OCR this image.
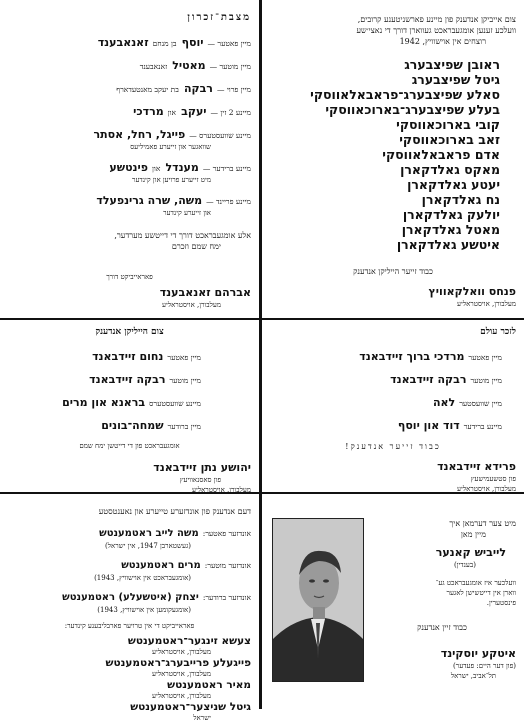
צום אייביקן אנדענק פון מיינע פארשניטענע קרובים,
וועלכע זענען אומגעבראכט געווארן דורך די נאצי׳שע
רוצחים אין אוישוויץ, 1942
ראובן שפיצבערג
גיטל שפיצבערג
סאלע שפיצבערג־פראבאלאווסקי
בעלע שפיצבערג־בארוכאווסקי
קובי בארוכאווסקי
זאב בארוכאווסקי
אדם פראבאלאווסקי
מאקס גאלדקארן
יעטע גאלדקארן
נח גאלדקארן
יולעק גאלדקארן
מאטל גאלדקארן
איטשע גאלדקארן
כבוד זייער הייליקן אנדענק
פנחס וואלקאוויץ
מעלבורן, אויסטראליע
מצבת־זכרון
מיין פאטער —יוסף בן מנחםזאנאבענד
מיין מוטער —מאטיל זאנאבענד
מיין פרוי —רבקה בת יעקב מאנטעדארף
מיינע 2 זין —יעקב אוןמרדכי
מיינע שוועסטערס —פייגל, רחל, אסתר
שוואגער און זייערע פאמיליעס
מיינע ברידער —מענדל אוןפינטשע
מיט זייערע פרויען און קינדער
מיינע פריינד —משה, שרה גרינפעלד
און זייערע קינדער
אלע אומגעבראכט דורך די דייטשע מערדער,
ימח שמם וזכרם
פאראייביקט דורך
אברהם זאנאבענד
מעלבורן, אויסטראליע
לזכר עולם
מיין פאטערמרדכי ברוך זיידבאנד
מיין מוטעררבקה זיידבאנד
מיין שוועסטערלאה
מיינע ברידערדוד און יוסף
כבוד זייער אנדענק!
פרידא זיידבאנד
פון סטשעמישעץ
מעלבורן, אויסטראליע
צום הייליקן אנדענק
מיין פאטערנחום זיידבאנד
מיין מוטעררבקה זיידבאנד
מיינע שוועסטערסבראנא און מרים
מיין ברודערשמחה־בונים
אומגעבראכט פון די דייטשן ימח שמם
יהושע נתן זיידבאנד
פון סאסנאוויעץ
מעלבורן, אויסטראליע
דעם אנדענק פון אונדזערע טייערע און נאענטסטע
אונדזער פאטער:משה לייב ראטמענטש
(געשטארבן 1947, אין ישראל)
אונדזער מוטער:מרים ראטמענטש
(אומגעבראכט אין אוישוויץ, 1943)
אונדזער ברודער:יצחק (איטשעלע) ראטמענטש
(אומגעקומען אין אוישוויץ, 1943)
פאראייביקט די אין טרויער פארבליבענע קינדער:
צעשא זינגער־ראטמענטש
מעלבורן, אויסטראליע
פייגעלע פרייבערג־ראטמענטש
מעלבורן, אויסטראליע
מאיר ראטמענטש
מעלבורן, אויסטראליע
גיטל שניצער־ראטמענטש
ישראל
מיט צער דערמאן איך
מיין מאן
לייביש קאנער
(בענדין)
וועלכער איז אומגעבראכט גע־
ווארן אין דייטשישן לאגער
פינסטערין.
כבוד זיין אנדענק
איטקע יוסקינד
(פון דער היים: פעדער)
תל־אביב, ישראל
